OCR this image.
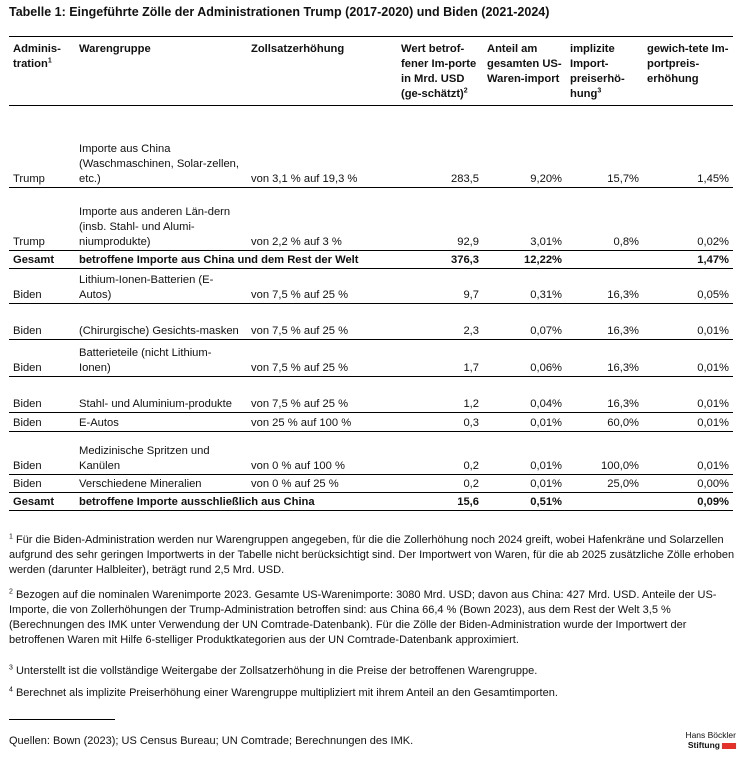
Tabelle 1: Eingeführte Zölle der Administrationen Trump (2017-2020) und Biden (2021-2024)
Adminis-tration$^1$	Warengruppe	Zollsatzerhöhung	Wert betrof-fener Im-porte in Mrd. USD (ge-schätzt)$^2$	Anteil am gesamten US-Waren-import	implizite Import-preiserhö-hung$^3$	gewich-tete Im-portpreis-erhöhung
Trump	Importe aus China (Waschmaschinen, Solar-zellen, etc.)	von 3,1 % auf 19,3 %	283,5	9,20%	15,7%	1,45%
Trump	Importe aus anderen Län-dern (insb. Stahl- und Alumi-niumprodukte)	von 2,2 % auf 3 %	92,9	3,01%	0,8%	0,02%
Gesamt	betroffene Importe aus China und dem Rest der Welt		376,3	12,22%		1,47%
Biden	Lithium-Ionen-Batterien (E-Autos)	von 7,5 % auf 25 %	9,7	0,31%	16,3%	0,05%
Biden	(Chirurgische) Gesichts-masken	von 7,5 % auf 25 %	2,3	0,07%	16,3%	0,01%
Biden	Batterieteile (nicht Lithium-Ionen)	von 7,5 % auf 25 %	1,7	0,06%	16,3%	0,01%
Biden	Stahl- und Aluminium-produkte	von 7,5 % auf 25 %	1,2	0,04%	16,3%	0,01%
Biden	E-Autos	von 25 % auf 100 %	0,3	0,01%	60,0%	0,01%
Biden	Medizinische Spritzen und Kanülen	von 0 % auf 100 %	0,2	0,01%	100,0%	0,01%
Biden	Verschiedene Mineralien	von 0 % auf 25 %	0,2	0,01%	25,0%	0,00%
Gesamt	betroffene Importe ausschließlich aus China		15,6	0,51%		0,09%

$^1$ Für die Biden-Administration werden nur Warengruppen angegeben, für die die Zollerhöhung noch 2024 greift, wobei Hafenkräne und Solarzellen aufgrund des sehr geringen Importwerts in der Tabelle nicht berücksichtigt sind. Der Importwert von Waren, für die ab 2025 zusätzliche Zölle erhoben werden (darunter Halbleiter), beträgt rund 2,5 Mrd. USD.

$^2$ Bezogen auf die nominalen Warenimporte 2023. Gesamte US-Warenimporte: 3080 Mrd. USD; davon aus China: 427 Mrd. USD. Anteile der US-Importe, die von Zollerhöhungen der Trump-Administration betroffen sind: aus China 66,4 % (Bown 2023), aus dem Rest der Welt 3,5 % (Berechnungen des IMK unter Verwendung der UN Comtrade-Datenbank). Für die Zölle der Biden-Administration wurde der Importwert der betroffenen Waren mit Hilfe 6-stelliger Produktkategorien aus der UN Comtrade-Datenbank approximiert.

$^3$ Unterstellt ist die vollständige Weitergabe der Zollsatzerhöhung in die Preise der betroffenen Warengruppe.

$^4$ Berechnet als implizite Preiserhöhung einer Warengruppe multipliziert mit ihrem Anteil an den Gesamtimporten.

Quellen: Bown (2023); US Census Bureau; UN Comtrade; Berechnungen des IMK.	Hans Böckler
Stiftung
